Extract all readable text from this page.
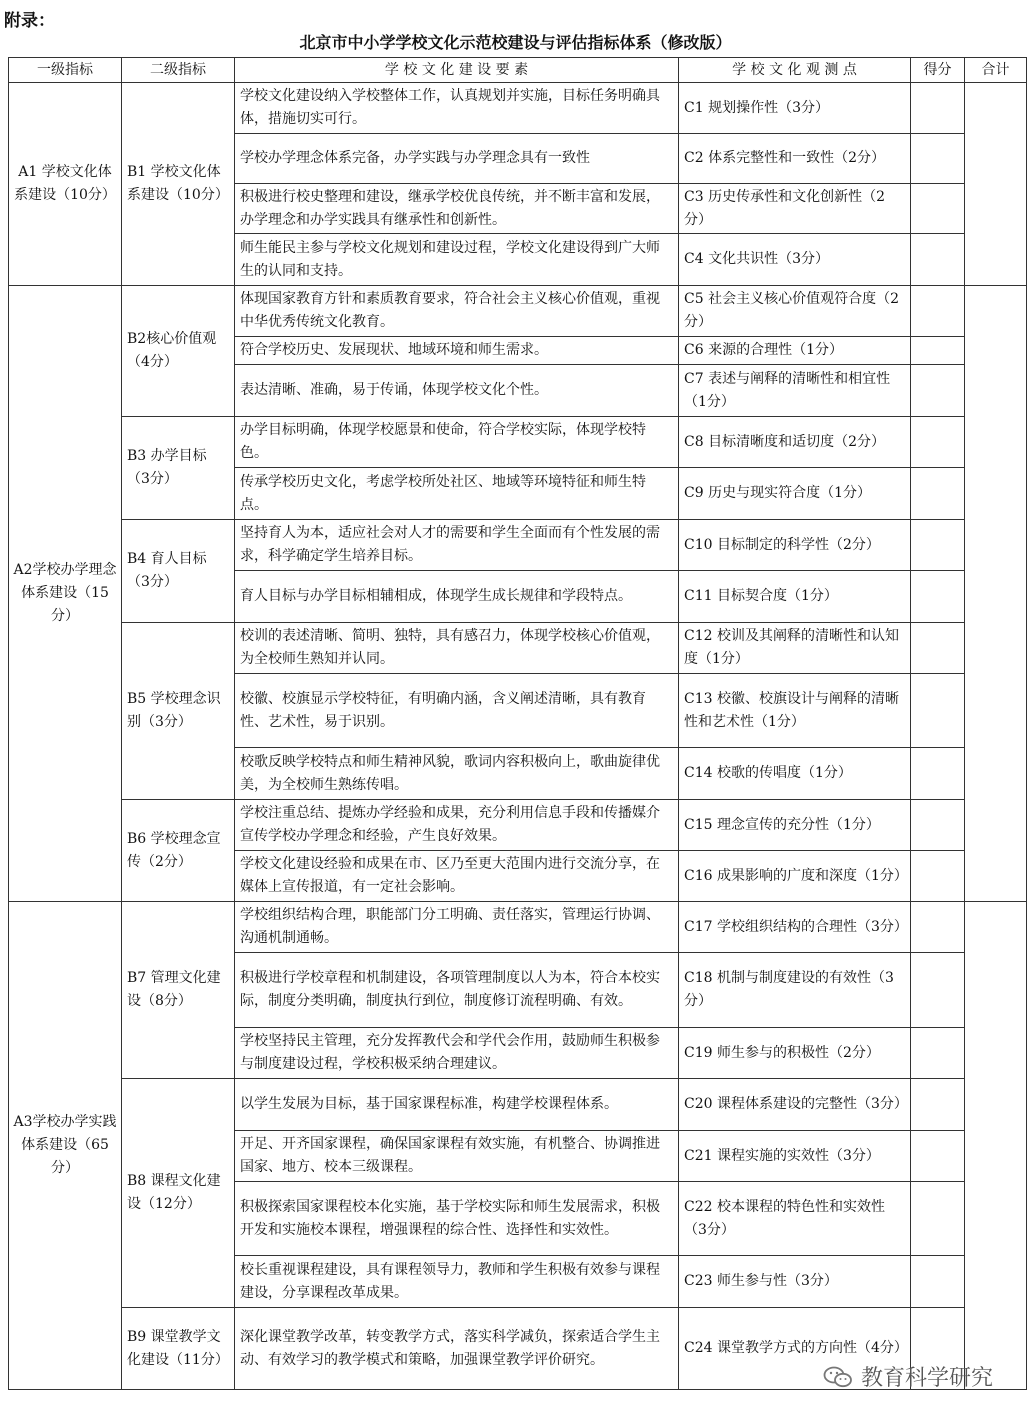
附录：
北京市中小学学校文化示范校建设与评估指标体系（修改版）
一级指标	二级指标	学 校 文 化 建 设 要 素	学 校 文 化 观 测 点	得分	合计
A1 学校文化体系建设（10分）	B1 学校文化体系建设（10分）	学校文化建设纳入学校整体工作，认真规划并实施，目标任务明确具体，措施切实可行。	C1 规划操作性（3分）		
		学校办学理念体系完备，办学实践与办学理念具有一致性	C2 体系完整性和一致性（2分）		
		积极进行校史整理和建设，继承学校优良传统，并不断丰富和发展，办学理念和办学实践具有继承性和创新性。	C3 历史传承性和文化创新性（2分）		
		师生能民主参与学校文化规划和建设过程，学校文化建设得到广大师生的认同和支持。	C4 文化共识性（3分）		
A2学校办学理念体系建设（15分）	B2核心价值观（4分）	体现国家教育方针和素质教育要求，符合社会主义核心价值观，重视中华优秀传统文化教育。	C5 社会主义核心价值观符合度（2分）		
		符合学校历史、发展现状、地域环境和师生需求。	C6 来源的合理性（1分）		
		表达清晰、准确，易于传诵，体现学校文化个性。	C7 表述与阐释的清晰性和相宜性（1分）		
	B3 办学目标（3分）	办学目标明确，体现学校愿景和使命，符合学校实际，体现学校特色。	C8 目标清晰度和适切度（2分）		
		传承学校历史文化，考虑学校所处社区、地域等环境特征和师生特点。	C9 历史与现实符合度（1分）		
	B4 育人目标（3分）	坚持育人为本，适应社会对人才的需要和学生全面而有个性发展的需求，科学确定学生培养目标。	C10 目标制定的科学性（2分）		
		育人目标与办学目标相辅相成，体现学生成长规律和学段特点。	C11 目标契合度（1分）		
	B5 学校理念识别（3分）	校训的表述清晰、简明、独特，具有感召力，体现学校核心价值观，为全校师生熟知并认同。	C12 校训及其阐释的清晰性和认知度（1分）		
		校徽、校旗显示学校特征，有明确内涵，含义阐述清晰，具有教育性、艺术性，易于识别。	C13 校徽、校旗设计与阐释的清晰性和艺术性（1分）		
		校歌反映学校特点和师生精神风貌，歌词内容积极向上，歌曲旋律优美，为全校师生熟练传唱。	C14 校歌的传唱度（1分）		
	B6 学校理念宣传（2分）	学校注重总结、提炼办学经验和成果，充分利用信息手段和传播媒介宣传学校办学理念和经验，产生良好效果。	C15 理念宣传的充分性（1分）		
		学校文化建设经验和成果在市、区乃至更大范围内进行交流分享，在媒体上宣传报道，有一定社会影响。	C16 成果影响的广度和深度（1分）		
A3学校办学实践体系建设（65分）	B7 管理文化建设（8分）	学校组织结构合理，职能部门分工明确、责任落实，管理运行协调、沟通机制通畅。	C17 学校组织结构的合理性（3分）		
		积极进行学校章程和机制建设，各项管理制度以人为本，符合本校实际，制度分类明确，制度执行到位，制度修订流程明确、有效。	C18 机制与制度建设的有效性（3分）		
		学校坚持民主管理，充分发挥教代会和学代会作用，鼓励师生积极参与制度建设过程，学校积极采纳合理建议。	C19 师生参与的积极性（2分）		
	B8 课程文化建设（12分）	以学生发展为目标，基于国家课程标准，构建学校课程体系。	C20 课程体系建设的完整性（3分）		
		开足、开齐国家课程，确保国家课程有效实施，有机整合、协调推进国家、地方、校本三级课程。	C21 课程实施的实效性（3分）		
		积极探索国家课程校本化实施，基于学校实际和师生发展需求，积极开发和实施校本课程，增强课程的综合性、选择性和实效性。	C22 校本课程的特色性和实效性（3分）		
		校长重视课程建设，具有课程领导力，教师和学生积极有效参与课程建设，分享课程改革成果。	C23 师生参与性（3分）		
	B9 课堂教学文化建设（11分）	深化课堂教学改革，转变教学方式，落实科学减负，探索适合学生主动、有效学习的教学模式和策略，加强课堂教学评价研究。	C24 课堂教学方式的方向性（4分）		
教育科学研究
